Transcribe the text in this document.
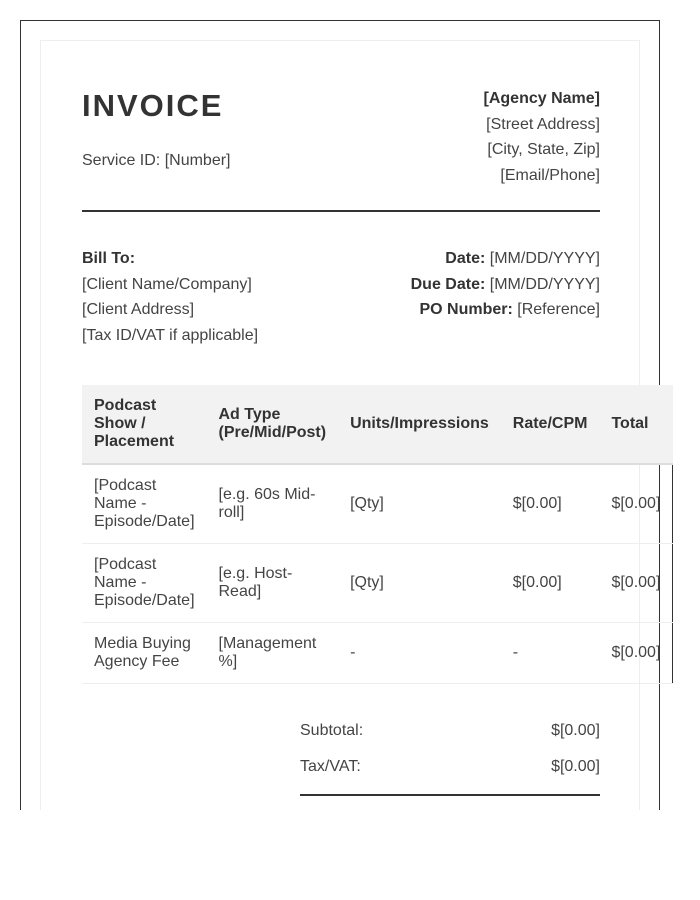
INVOICE
Service ID: [Number]
[Agency Name]
[Street Address]
[City, State, Zip]
[Email/Phone]
Bill To:
[Client Name/Company]
[Client Address]
[Tax ID/VAT if applicable]
Date: [MM/DD/YYYY]
Due Date: [MM/DD/YYYY]
PO Number: [Reference]
Podcast Show / Placement	Ad Type (Pre/Mid/Post)	Units/Impressions	Rate/CPM	Total
[Podcast Name - Episode/Date]	[e.g. 60s Mid-roll]	[Qty]	$[0.00]	$[0.00]
[Podcast Name - Episode/Date]	[e.g. Host-Read]	[Qty]	$[0.00]	$[0.00]
Media Buying Agency Fee	[Management %]	-	-	$[0.00]
Subtotal:	$[0.00]
Tax/VAT:	$[0.00]
